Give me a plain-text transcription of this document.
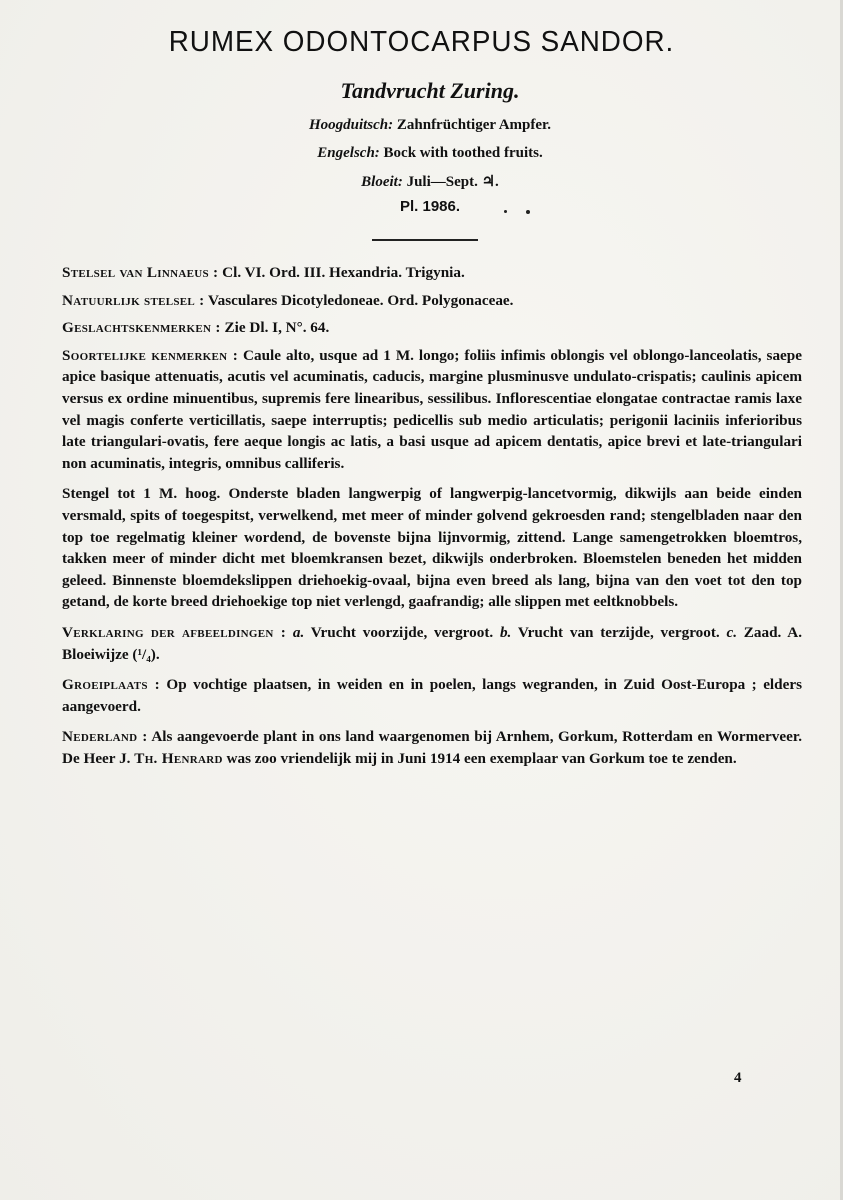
RUMEX ODONTOCARPUS SANDOR.
Tandvrucht Zuring.
Hoogduitsch: Zahnfrüchtiger Ampfer.
Engelsch: Bock with toothed fruits.
Bloeit: Juli—Sept. ♃.
Pl. 1986.

Stelsel van Linnaeus : Cl. VI. Ord. III. Hexandria. Trigynia.

Natuurlijk stelsel : Vasculares Dicotyledoneae. Ord. Polygonaceae.

Geslachtskenmerken : Zie Dl. I, N°. 64.

Soortelijke kenmerken : Caule alto, usque ad 1 M. longo; foliis infimis oblongis vel oblongo-lanceolatis, saepe apice basique attenuatis, acutis vel acuminatis, caducis, margine plusminusve undulato-crispatis; caulinis apicem versus ex ordine minuentibus, supremis fere linearibus, sessilibus. Inflorescentiae elongatae contractae ramis laxe vel magis conferte verticillatis, saepe interruptis; pedicellis sub medio articulatis; perigonii laciniis inferioribus late triangulari-ovatis, fere aeque longis ac latis, a basi usque ad apicem dentatis, apice brevi et late-triangulari non acuminatis, integris, omnibus calliferis.

Stengel tot 1 M. hoog. Onderste bladen langwerpig of langwerpig-lancetvormig, dikwijls aan beide einden versmald, spits of toegespitst, verwelkend, met meer of minder golvend gekroesden rand; stengelbladen naar den top toe regelmatig kleiner wordend, de bovenste bijna lijnvormig, zittend. Lange samengetrokken bloemtros, takken meer of minder dicht met bloemkransen bezet, dikwijls onderbroken. Bloemstelen beneden het midden geleed. Binnenste bloemdekslippen driehoekig-ovaal, bijna even breed als lang, bijna van den voet tot den top getand, de korte breed driehoekige top niet verlengd, gaafrandig; alle slippen met eeltknobbels.

Verklaring der afbeeldingen : a. Vrucht voorzijde, vergroot. b. Vrucht van terzijde, vergroot. c. Zaad. A. Bloeiwijze (¹/₄).

Groeiplaats : Op vochtige plaatsen, in weiden en in poelen, langs wegranden, in Zuid Oost-Europa ; elders aangevoerd.

Nederland : Als aangevoerde plant in ons land waargenomen bij Arnhem, Gorkum, Rotterdam en Wormerveer. De Heer J. Th. Henrard was zoo vriendelijk mij in Juni 1914 een exemplaar van Gorkum toe te zenden.

4
